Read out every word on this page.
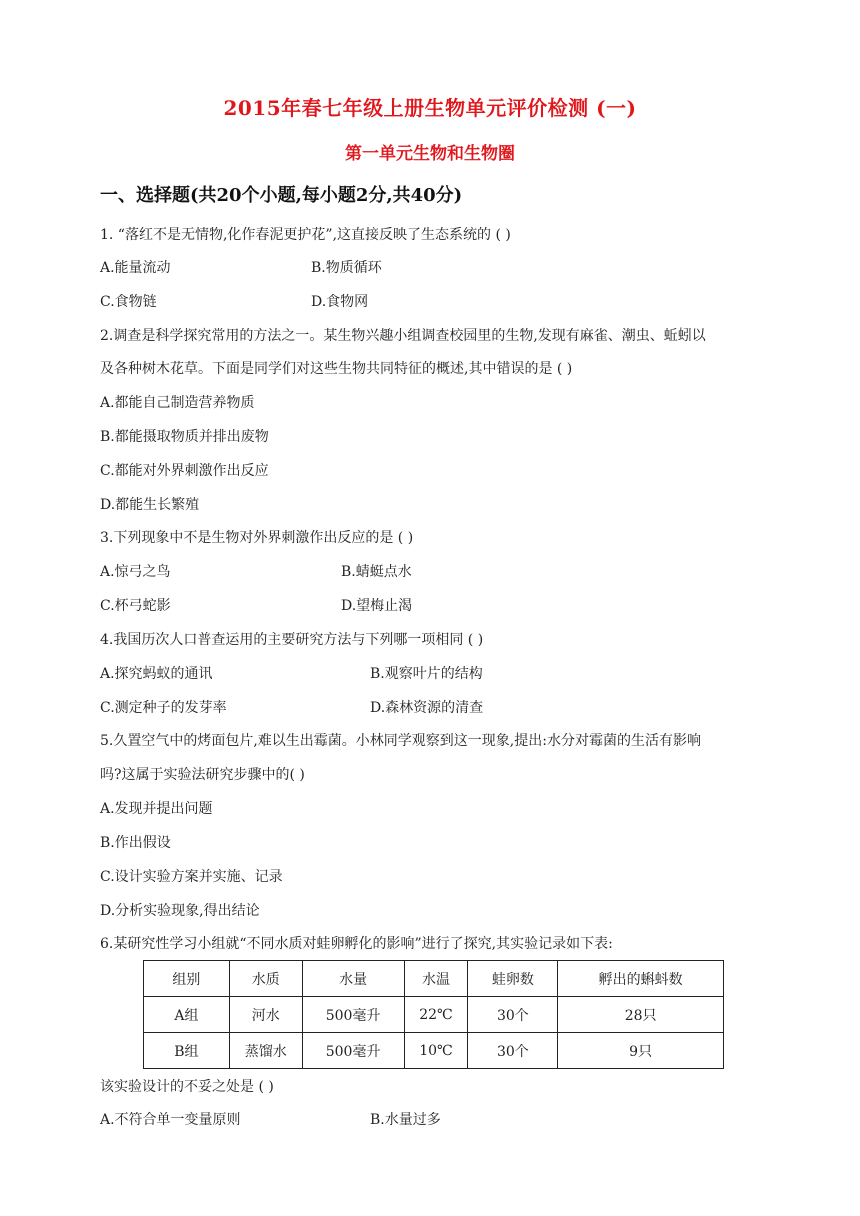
2015年春七年级上册生物单元评价检测 (一)
第一单元生物和生物圈
一、选择题(共20个小题,每小题2分,共40分)
1. “落红不是无情物,化作春泥更护花”,这直接反映了生态系统的 ( )
A.能量流动	B.物质循环
C.食物链	D.食物网
2.调查是科学探究常用的方法之一。某生物兴趣小组调查校园里的生物,发现有麻雀、潮虫、蚯蚓以
及各种树木花草。下面是同学们对这些生物共同特征的概述,其中错误的是 ( )
A.都能自己制造营养物质
B.都能摄取物质并排出废物
C.都能对外界刺激作出反应
D.都能生长繁殖
3.下列现象中不是生物对外界刺激作出反应的是 ( )
A.惊弓之鸟	B.蜻蜓点水
C.杯弓蛇影	D.望梅止渴
4.我国历次人口普查运用的主要研究方法与下列哪一项相同 ( )
A.探究蚂蚁的通讯	B.观察叶片的结构
C.测定种子的发芽率	D.森林资源的清查
5.久置空气中的烤面包片,难以生出霉菌。小林同学观察到这一现象,提出:水分对霉菌的生活有影响
吗?这属于实验法研究步骤中的( )
A.发现并提出问题
B.作出假设
C.设计实验方案并实施、记录
D.分析实验现象,得出结论
6.某研究性学习小组就“不同水质对蛙卵孵化的影响”进行了探究,其实验记录如下表:
组别	水质	水量	水温	蛙卵数	孵出的蝌蚪数
A组	河水	500毫升	22℃	30个	28只
B组	蒸馏水	500毫升	10℃	30个	9只
该实验设计的不妥之处是 ( )
A.不符合单一变量原则	B.水量过多
